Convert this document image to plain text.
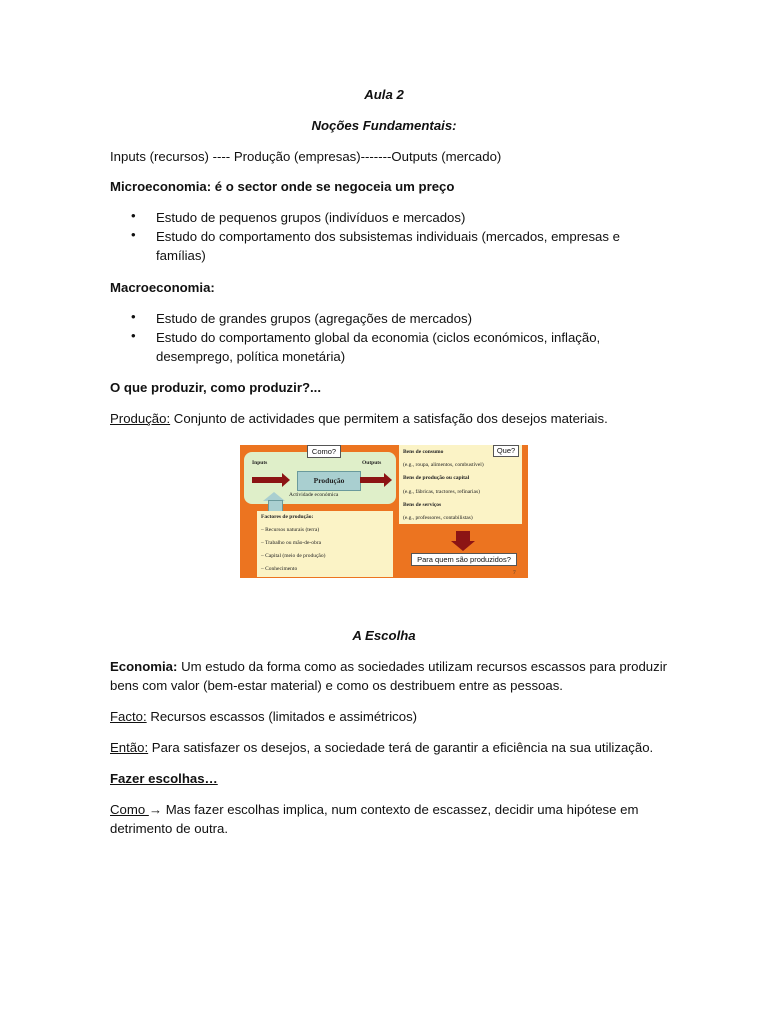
Aula 2
Noções Fundamentais:
Inputs (recursos) ---- Produção (empresas)-------Outputs (mercado)
Microeconomia: é o sector onde se negoceia um preço
• Estudo de pequenos grupos (indivíduos e mercados)
• Estudo do comportamento dos subsistemas individuais (mercados, empresas e famílias)
Macroeconomia:
• Estudo de grandes grupos (agregações de mercados)
• Estudo do comportamento global da economia (ciclos económicos, inflação, desemprego, política monetária)
O que produzir, como produzir?...
Produção: Conjunto de actividades que permitem a satisfação dos desejos materiais.
Produção
Inputs	Outputs
Actividade económica
Como?	Bens de consumo
(e.g., roupa, alimentos, combustível)
Bens de produção ou capital
(e.g., fábricas, tractores, refinarias)
Bens de serviços
(e.g., professores, contabilistas)
Que?
Factores de produção:
– Recursos naturais (terra)
– Trabalho ou mão-de-obra
– Capital (meio de produção)
– Conhecimento
Para quem são produzidos?
7
A Escolha
Economia: Um estudo da forma como as sociedades utilizam recursos escassos para produzir
bens com valor (bem-estar material) e como os destribuem entre as pessoas.
Facto: Recursos escassos (limitados e assimétricos)
Então: Para satisfazer os desejos, a sociedade terá de garantir a eficiência na sua utilização.
Fazer escolhas…
Como → Mas fazer escolhas implica, num contexto de escassez, decidir uma hipótese em
detrimento de outra.
